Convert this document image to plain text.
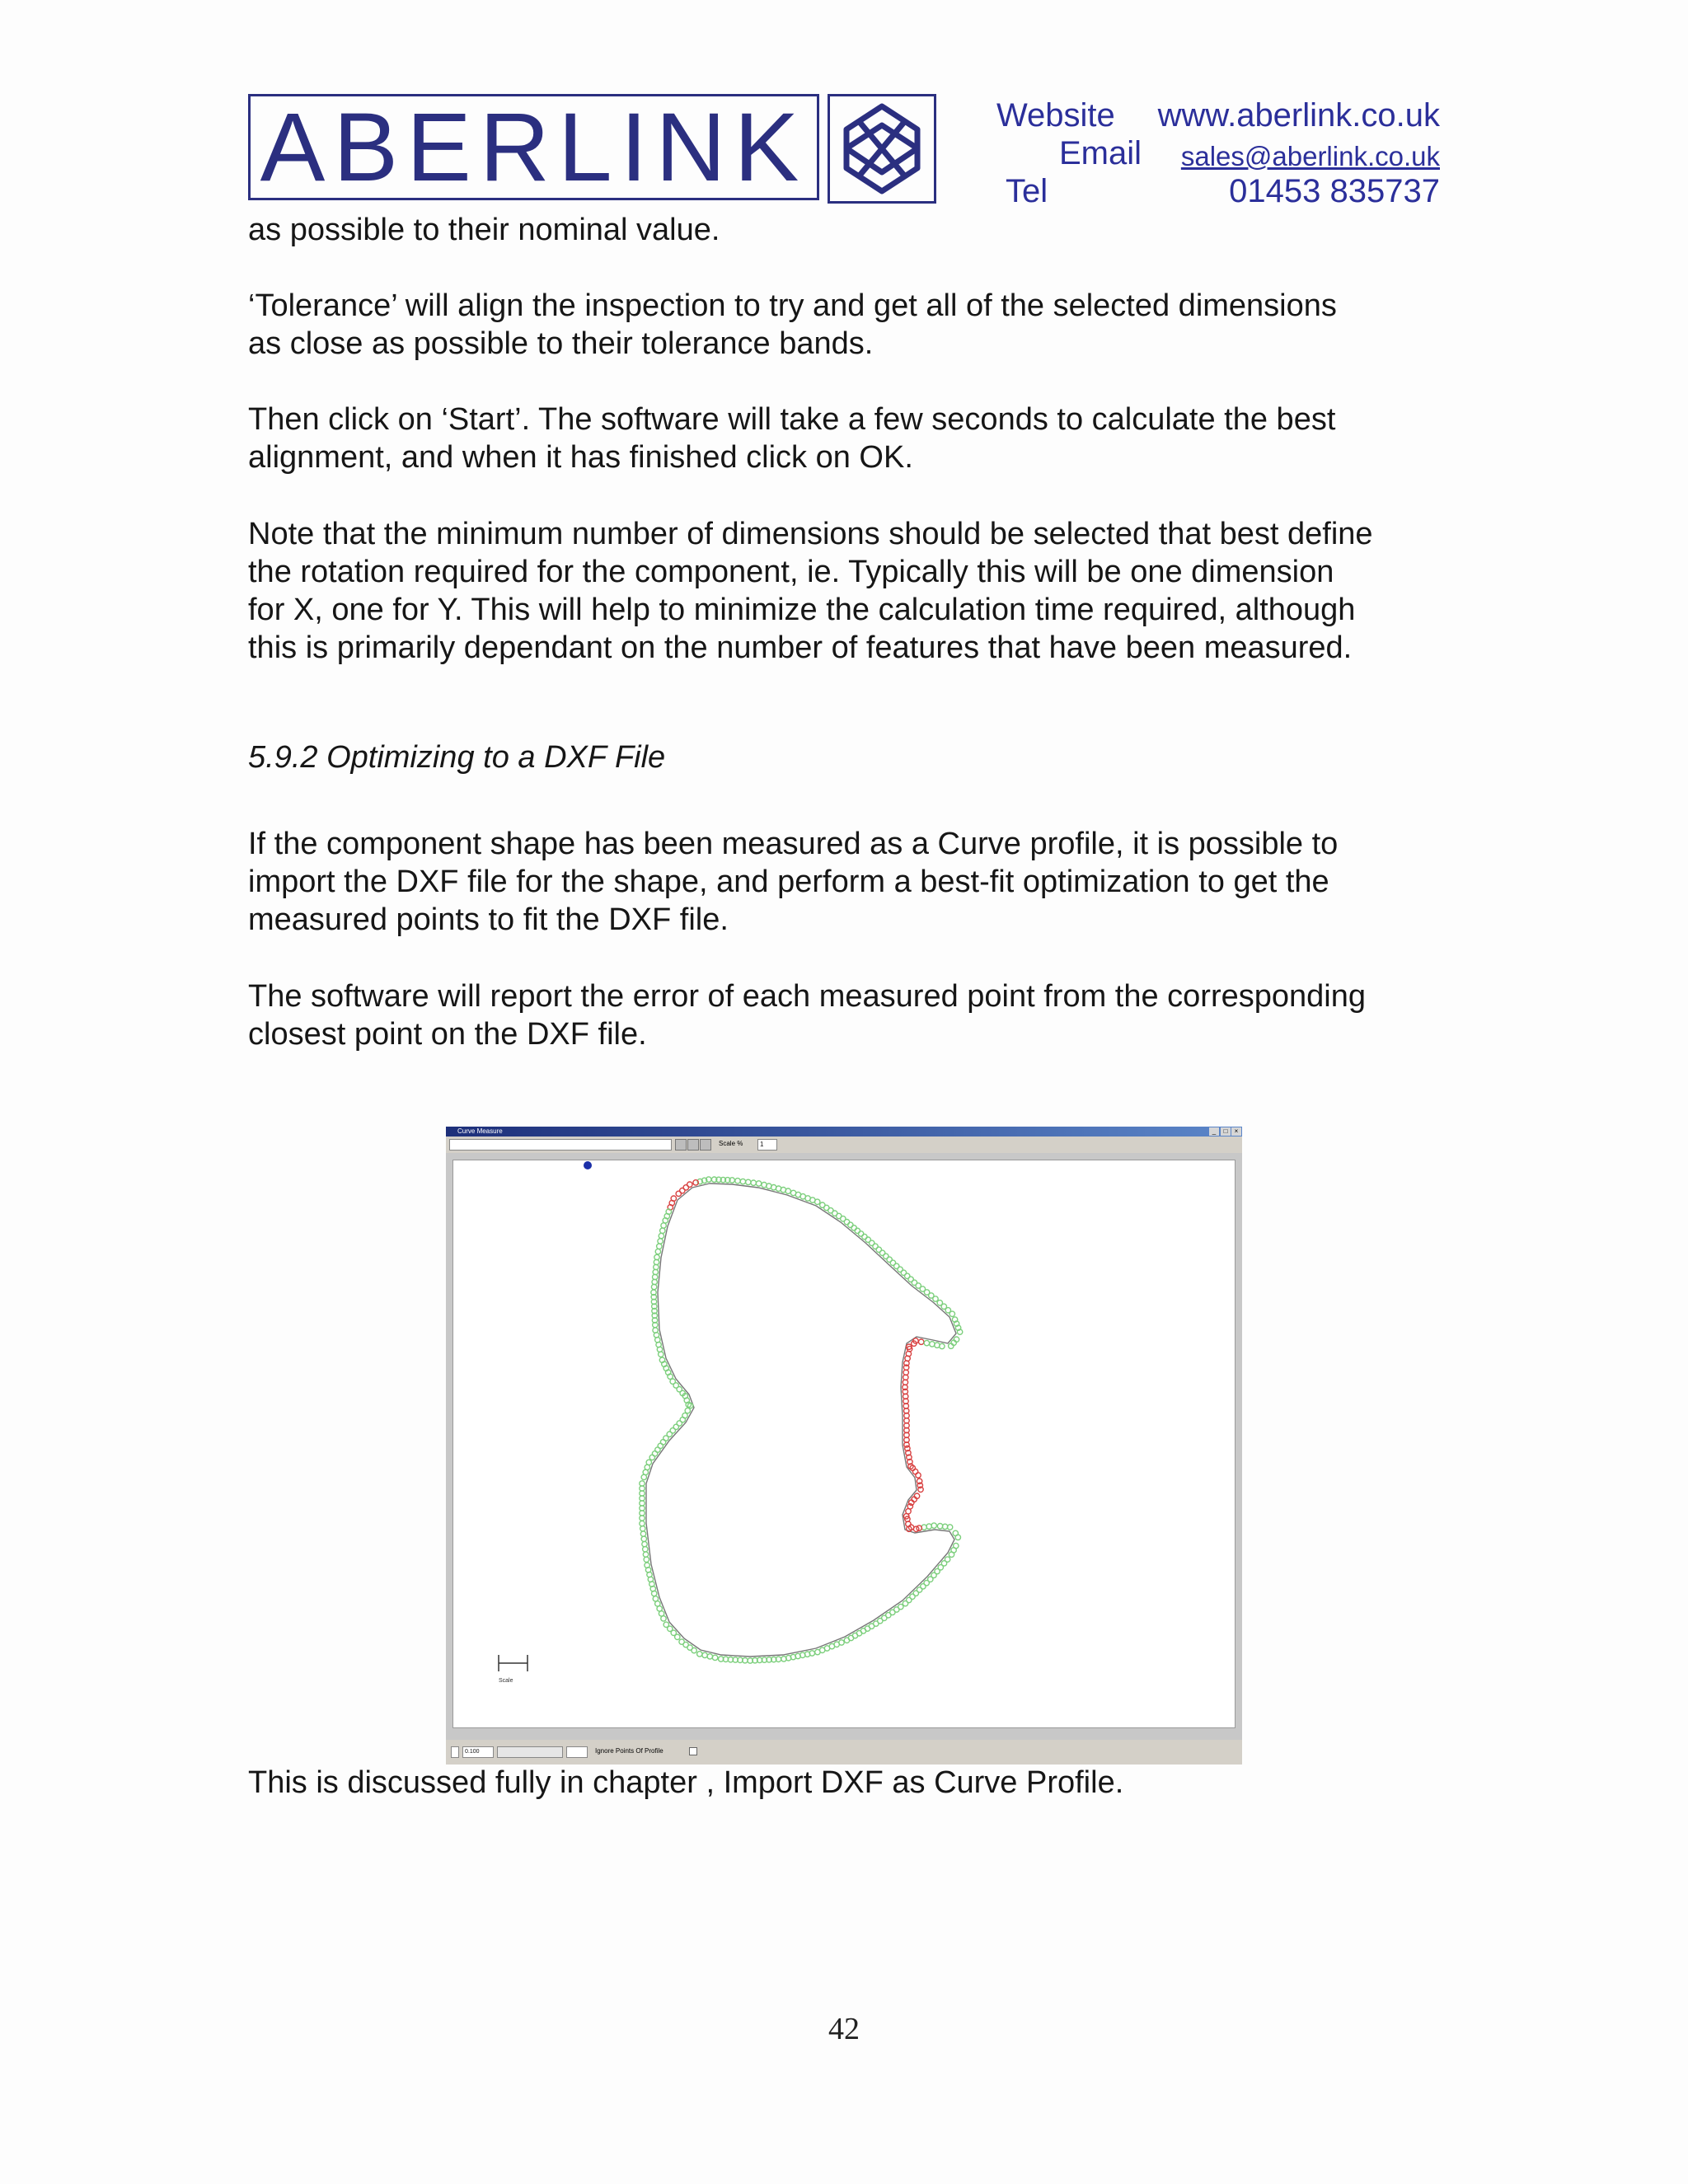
ABERLINK	Website www.aberlink.co.uk
Email sales@aberlink.co.uk
Tel	01453 835737

as possible to their nominal value.

‘Tolerance’ will align the inspection to try and get all of the selected dimensions

as close as possible to their tolerance bands.

Then click on ‘Start’. The software will take a few seconds to calculate the best

alignment, and when it has finished click on OK.

Note that the minimum number of dimensions should be selected that best define

the rotation required for the component, ie. Typically this will be one dimension

for X, one for Y. This will help to minimize the calculation time required, although

this is primarily dependant on the number of features that have been measured.

5.9.2 Optimizing to a DXF File

If the component shape has been measured as a Curve profile, it is possible to

import the DXF file for the shape, and perform a best-fit optimization to get the

measured points to fit the DXF file.

The software will report the error of each measured point from the corresponding

closest point on the DXF file.

Curve Measure	_	□	×
Scale %	1
Scale
0.100	Ignore Points Of Profile

This is discussed fully in chapter , Import DXF as Curve Profile.

42
